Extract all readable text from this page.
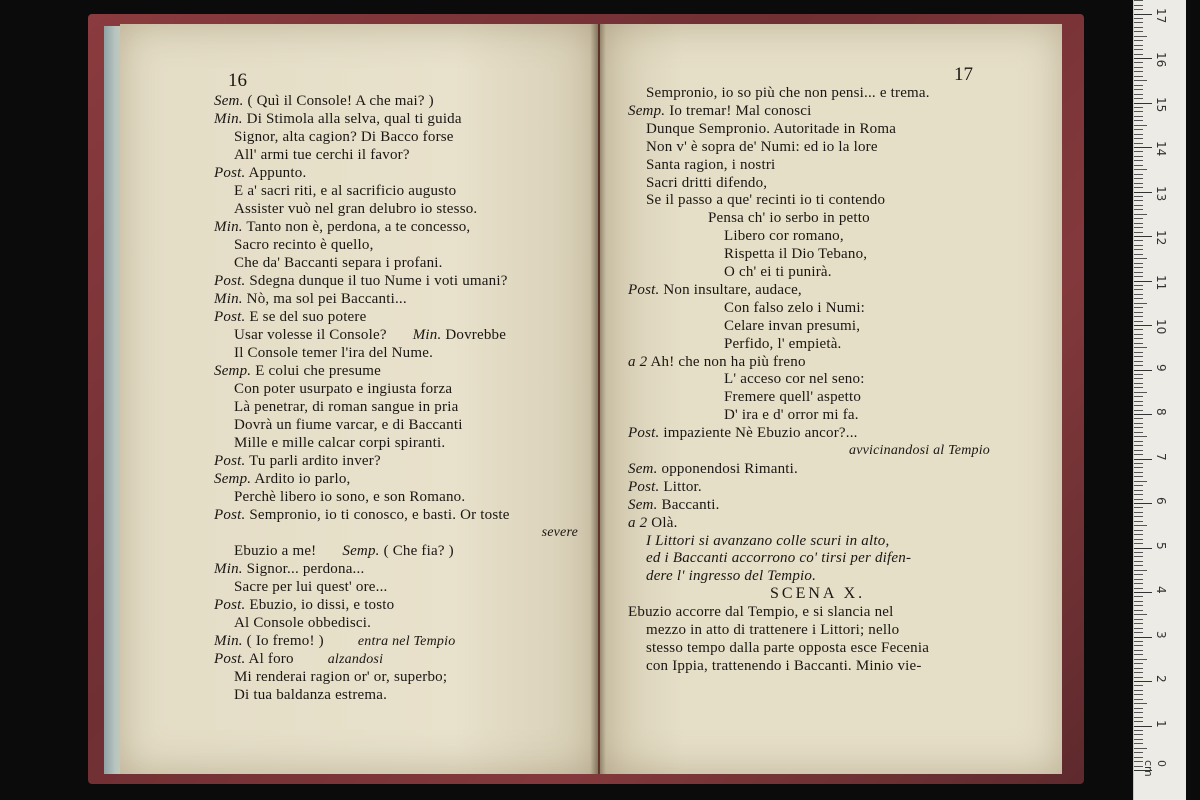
16
Sem. ( Quì il Console! A che mai? )
Min. Di Stimola alla selva, qual ti guida
Signor, alta cagion? Di Bacco forse
All' armi tue cerchi il favor?
Post. Appunto.
E a' sacri riti, e al sacrificio augusto
Assister vuò nel gran delubro io stesso.
Min. Tanto non è, perdona, a te concesso,
Sacro recinto è quello,
Che da' Baccanti separa i profani.
Post. Sdegna dunque il tuo Nume i voti umani?
Min. Nò, ma sol pei Baccanti...
Post. E se del suo potere
Usar volesse il Console? Min. Dovrebbe
Il Console temer l'ira del Nume.
Semp. E colui che presume
Con poter usurpato e ingiusta forza
Là penetrar, di roman sangue in pria
Dovrà un fiume varcar, e di Baccanti
Mille e mille calcar corpi spiranti.
Post. Tu parli ardito inver?
Semp. Ardito io parlo,
Perchè libero io sono, e son Romano.
Post. Sempronio, io ti conosco, e basti. Or toste
severe
Ebuzio a me! Semp. ( Che fia? )
Min. Signor... perdona...
Sacre per lui quest' ore...
Post. Ebuzio, io dissi, e tosto
Al Console obbedisci.
Min. ( Io fremo! ) entra nel Tempio
Post. Al foro alzandosi
Mi renderai ragion or' or, superbo;
Di tua baldanza estrema.
17
Sempronio, io so più che non pensi... e trema.
Semp. Io tremar! Mal conosci
Dunque Sempronio. Autoritade in Roma
Non v' è sopra de' Numi: ed io la lore
Santa ragion, i nostri
Sacri dritti difendo,
Se il passo a que' recinti io ti contendo
Pensa ch' io serbo in petto
Libero cor romano,
Rispetta il Dio Tebano,
O ch' ei ti punirà.
Post. Non insultare, audace,
Con falso zelo i Numi:
Celare invan presumi,
Perfido, l' empietà.
a 2 Ah! che non ha più freno
L' acceso cor nel seno:
Fremere quell' aspetto
D' ira e d' orror mi fa.
Post. impaziente Nè Ebuzio ancor?...
avvicinandosi al Tempio
Sem. opponendosi Rimanti.
Post. Littor.
Sem. Baccanti.
a 2 Olà.
I Littori si avanzano colle scuri in alto,
ed i Baccanti accorrono co' tirsi per difen-
dere l' ingresso del Tempio.
SCENA X.
Ebuzio accorre dal Tempio, e si slancia nel
mezzo in atto di trattenere i Littori; nello
stesso tempo dalla parte opposta esce Fecenia
con Ippia, trattenendo i Baccanti. Minio vie-
1
2
3
4
5
6
7
8
9
10
11
12
13
14
15
16
17
0 cm
